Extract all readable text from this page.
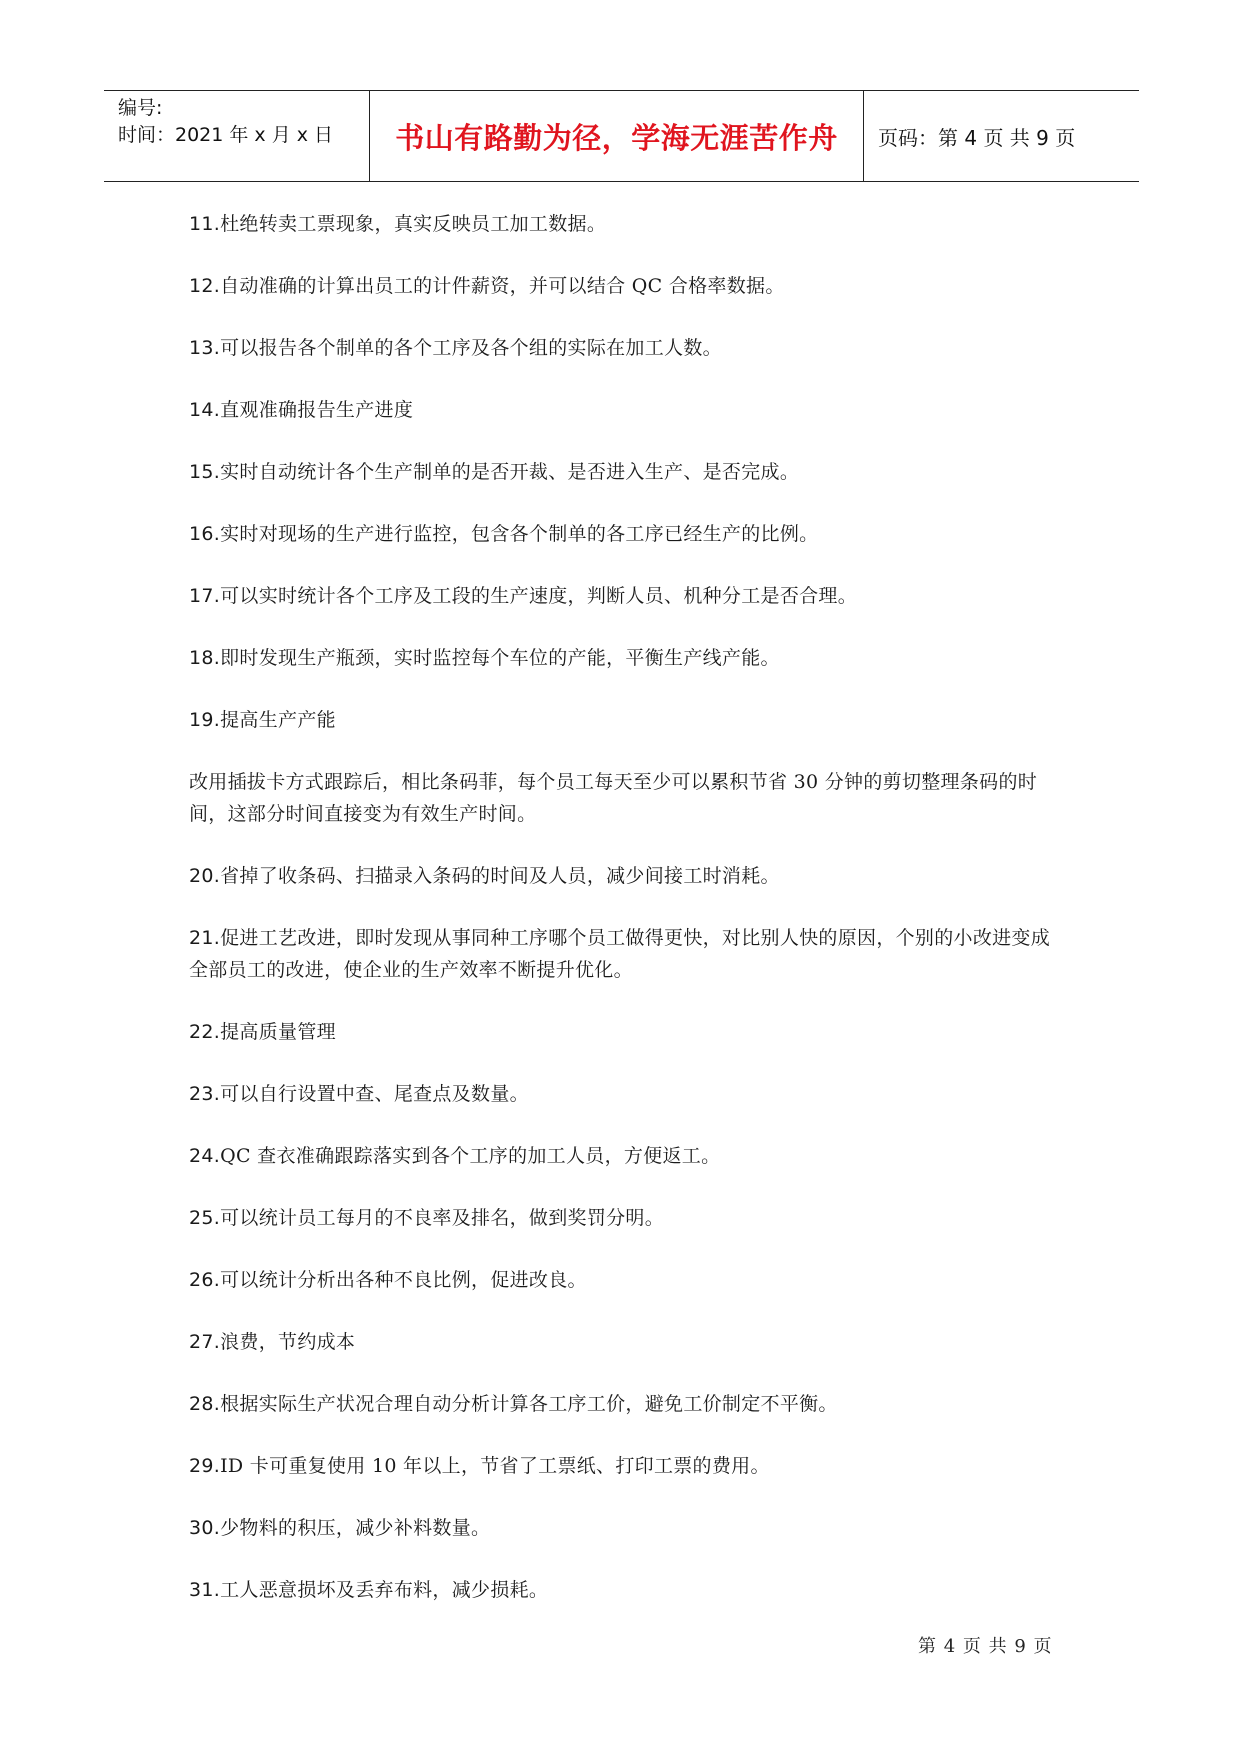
编号:
时间：2021 年 x 月 x 日	书山有路勤为径，学海无涯苦作舟	页码：第 4 页 共 9 页

11.杜绝转卖工票现象，真实反映员工加工数据。

12.自动准确的计算出员工的计件薪资，并可以结合 QC 合格率数据。

13.可以报告各个制单的各个工序及各个组的实际在加工人数。

14.直观准确报告生产进度

15.实时自动统计各个生产制单的是否开裁、是否进入生产、是否完成。

16.实时对现场的生产进行监控，包含各个制单的各工序已经生产的比例。

17.可以实时统计各个工序及工段的生产速度，判断人员、机种分工是否合理。

18.即时发现生产瓶颈，实时监控每个车位的产能，平衡生产线产能。

19.提高生产产能

改用插拔卡方式跟踪后，相比条码菲，每个员工每天至少可以累积节省 30 分钟的剪切整理条码的时间，这部分时间直接变为有效生产时间。

20.省掉了收条码、扫描录入条码的时间及人员，减少间接工时消耗。

21.促进工艺改进，即时发现从事同种工序哪个员工做得更快，对比别人快的原因，个别的小改进变成全部员工的改进，使企业的生产效率不断提升优化。

22.提高质量管理

23.可以自行设置中查、尾查点及数量。

24.QC 查衣准确跟踪落实到各个工序的加工人员，方便返工。

25.可以统计员工每月的不良率及排名，做到奖罚分明。

26.可以统计分析出各种不良比例，促进改良。

27.浪费，节约成本

28.根据实际生产状况合理自动分析计算各工序工价，避免工价制定不平衡。

29.ID 卡可重复使用 10 年以上，节省了工票纸、打印工票的费用。

30.少物料的积压，减少补料数量。

31.工人恶意损坏及丢弃布料，减少损耗。

第 4 页 共 9 页
